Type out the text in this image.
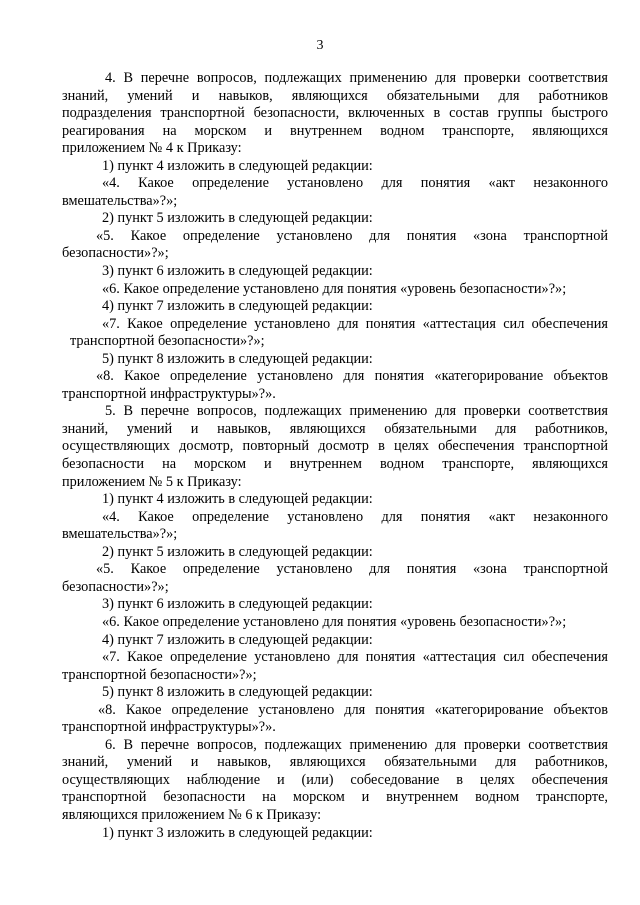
3
4. В перечне вопросов, подлежащих применению для проверки соответствия
знаний, умений и навыков, являющихся обязательными для работников
подразделения транспортной безопасности, включенных в состав группы быстрого
реагирования на морском и внутреннем водном транспорте, являющихся
приложением № 4 к Приказу:
1) пункт 4 изложить в следующей редакции:
«4. Какое определение установлено для понятия «акт незаконного
вмешательства»?»;
2) пункт 5 изложить в следующей редакции:
«5. Какое определение установлено для понятия «зона транспортной
безопасности»?»;
3) пункт 6 изложить в следующей редакции:
«6. Какое определение установлено для понятия «уровень безопасности»?»;
4) пункт 7 изложить в следующей редакции:
«7. Какое определение установлено для понятия «аттестация сил обеспечения
транспортной безопасности»?»;
5) пункт 8 изложить в следующей редакции:
«8. Какое определение установлено для понятия «категорирование объектов
транспортной инфраструктуры»?».
5. В перечне вопросов, подлежащих применению для проверки соответствия
знаний, умений и навыков, являющихся обязательными для работников,
осуществляющих досмотр, повторный досмотр в целях обеспечения транспортной
безопасности на морском и внутреннем водном транспорте, являющихся
приложением № 5 к Приказу:
1) пункт 4 изложить в следующей редакции:
«4. Какое определение установлено для понятия «акт незаконного
вмешательства»?»;
2) пункт 5 изложить в следующей редакции:
«5. Какое определение установлено для понятия «зона транспортной
безопасности»?»;
3) пункт 6 изложить в следующей редакции:
«6. Какое определение установлено для понятия «уровень безопасности»?»;
4) пункт 7 изложить в следующей редакции:
«7. Какое определение установлено для понятия «аттестация сил обеспечения
транспортной безопасности»?»;
5) пункт 8 изложить в следующей редакции:
«8. Какое определение установлено для понятия «категорирование объектов
транспортной инфраструктуры»?».
6. В перечне вопросов, подлежащих применению для проверки соответствия
знаний, умений и навыков, являющихся обязательными для работников,
осуществляющих наблюдение и (или) собеседование в целях обеспечения
транспортной безопасности на морском и внутреннем водном транспорте,
являющихся приложением № 6 к Приказу:
1) пункт 3 изложить в следующей редакции:
